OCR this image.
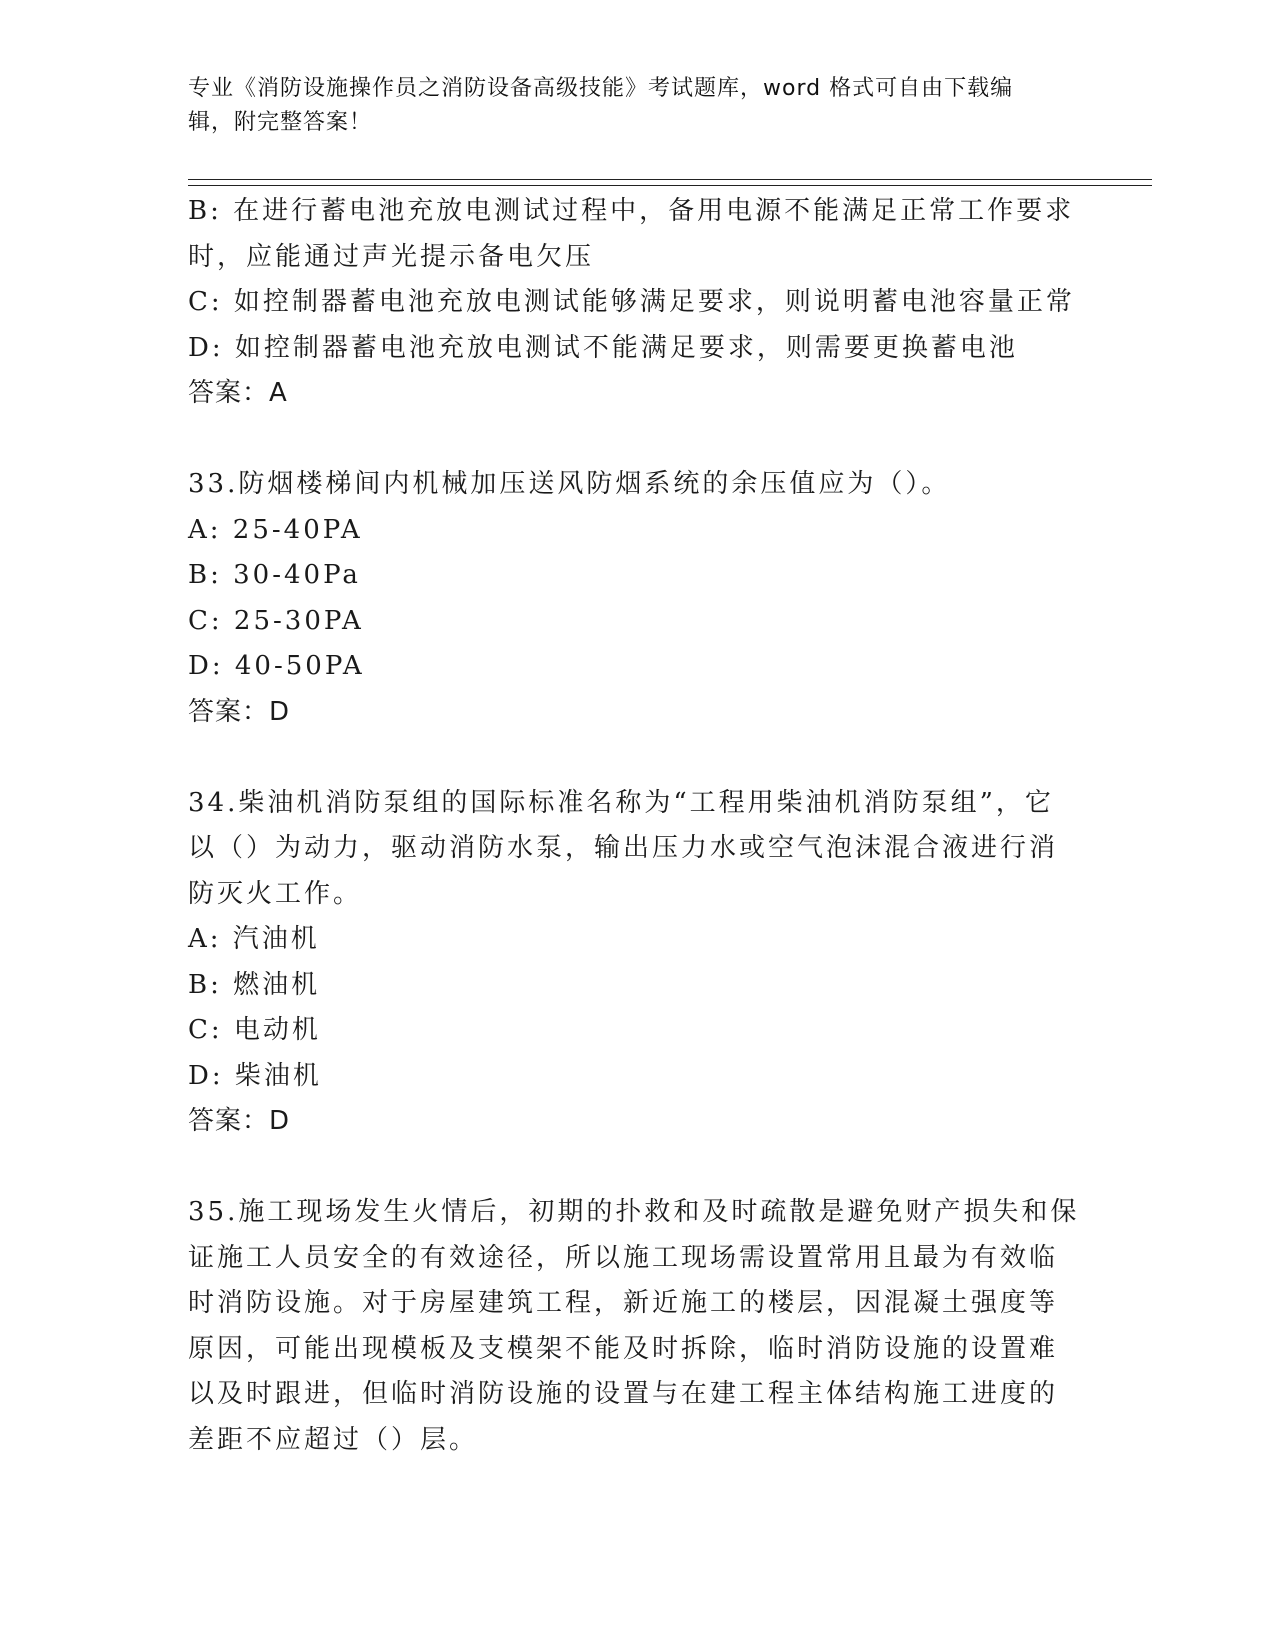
专业《消防设施操作员之消防设备高级技能》考试题库，word 格式可自由下载编
辑，附完整答案！
B: 在进行蓄电池充放电测试过程中，备用电源不能满足正常工作要求
时，应能通过声光提示备电欠压
C: 如控制器蓄电池充放电测试能够满足要求，则说明蓄电池容量正常
D: 如控制器蓄电池充放电测试不能满足要求，则需要更换蓄电池
答案：A
33.防烟楼梯间内机械加压送风防烟系统的余压值应为（）。
A: 25-40PA
B: 30-40Pa
C: 25-30PA
D: 40-50PA
答案：D
34.柴油机消防泵组的国际标准名称为“工程用柴油机消防泵组”，它
以（）为动力，驱动消防水泵，输出压力水或空气泡沫混合液进行消
防灭火工作。
A: 汽油机
B: 燃油机
C: 电动机
D: 柴油机
答案：D
35.施工现场发生火情后，初期的扑救和及时疏散是避免财产损失和保
证施工人员安全的有效途径，所以施工现场需设置常用且最为有效临
时消防设施。对于房屋建筑工程，新近施工的楼层，因混凝土强度等
原因，可能出现模板及支模架不能及时拆除，临时消防设施的设置难
以及时跟进，但临时消防设施的设置与在建工程主体结构施工进度的
差距不应超过（）层。
